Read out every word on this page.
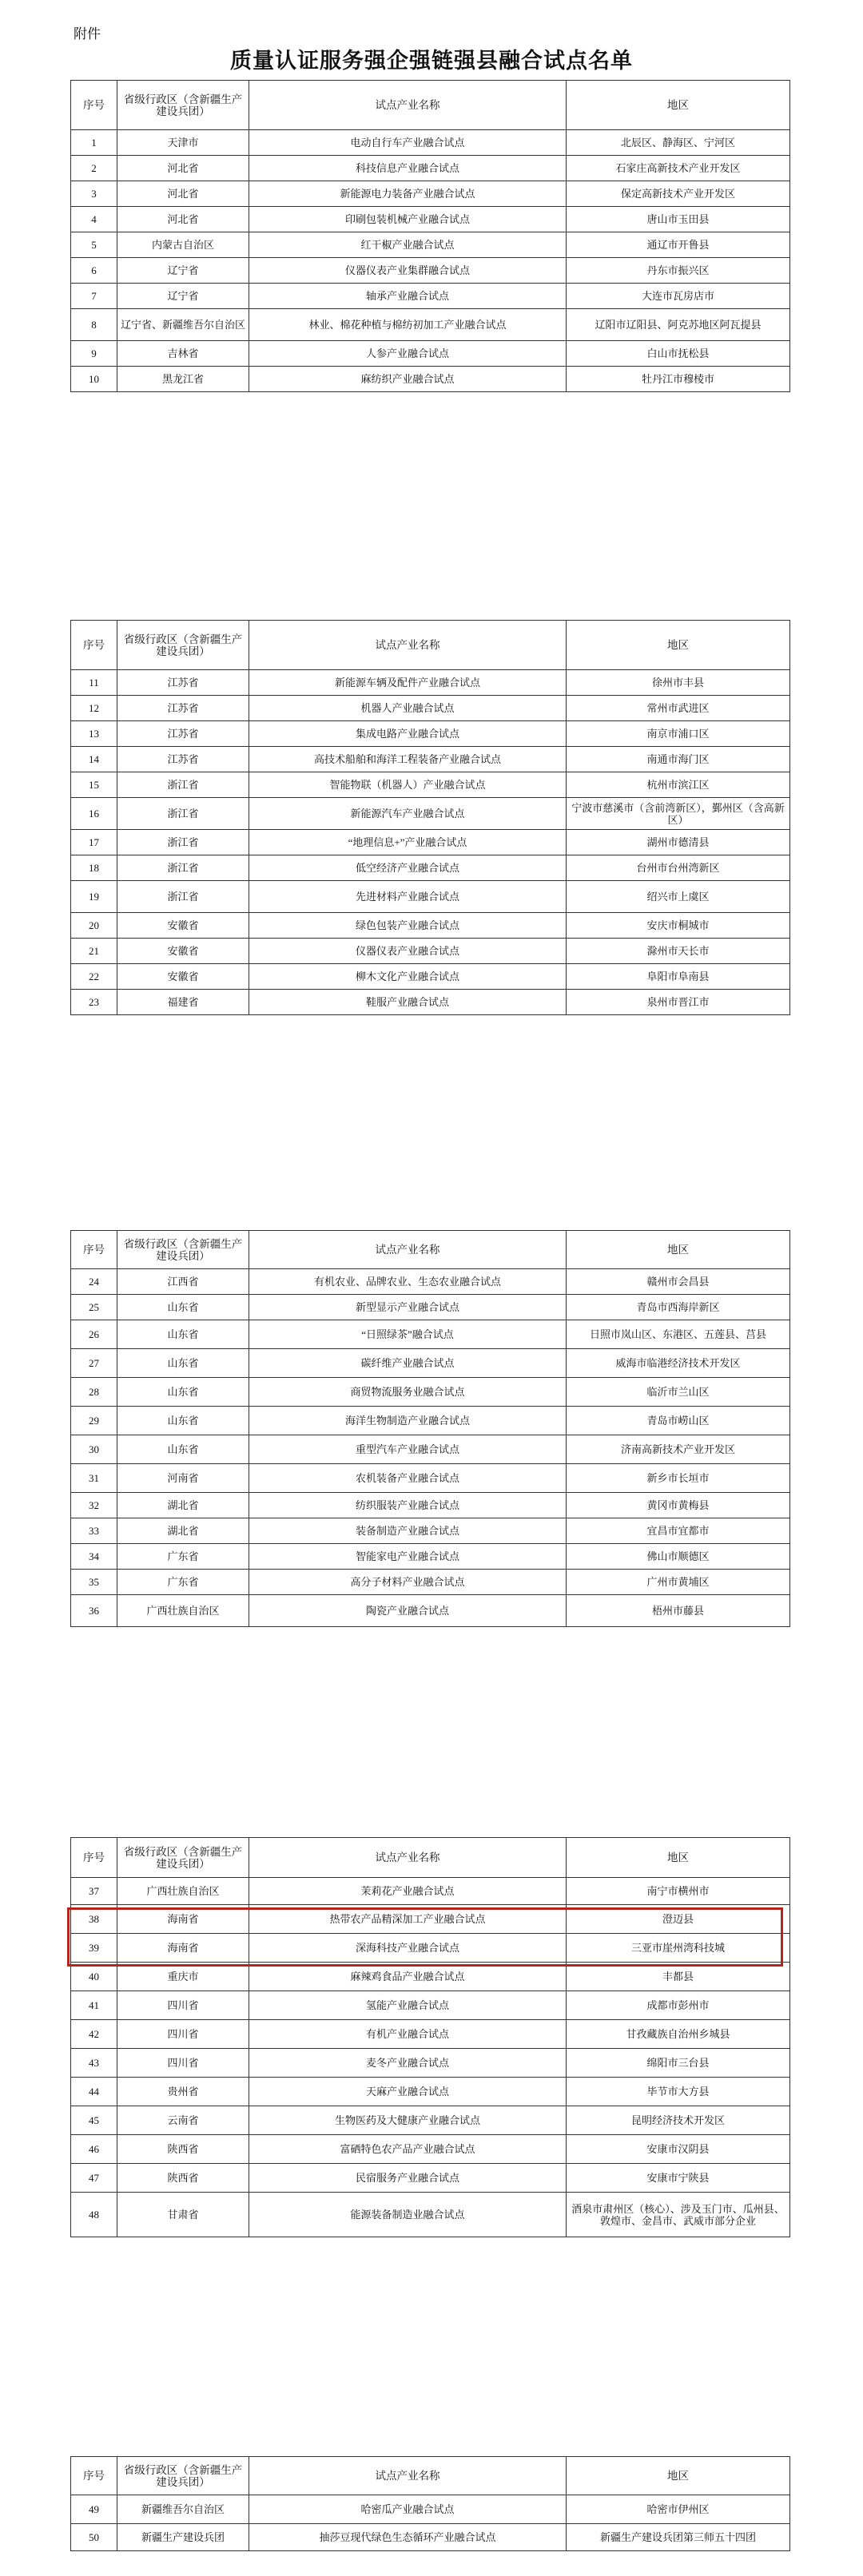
附件
质量认证服务强企强链强县融合试点名单
序号	省级行政区（含新疆生产建设兵团）	试点产业名称	地区
1	天津市	电动自行车产业融合试点	北辰区、静海区、宁河区
2	河北省	科技信息产业融合试点	石家庄高新技术产业开发区
3	河北省	新能源电力装备产业融合试点	保定高新技术产业开发区
4	河北省	印刷包装机械产业融合试点	唐山市玉田县
5	内蒙古自治区	红干椒产业融合试点	通辽市开鲁县
6	辽宁省	仪器仪表产业集群融合试点	丹东市振兴区
7	辽宁省	轴承产业融合试点	大连市瓦房店市
8	辽宁省、新疆维吾尔自治区	林业、棉花种植与棉纺初加工产业融合试点	辽阳市辽阳县、阿克苏地区阿瓦提县
9	吉林省	人参产业融合试点	白山市抚松县
10	黑龙江省	麻纺织产业融合试点	牡丹江市穆棱市
序号	省级行政区（含新疆生产建设兵团）	试点产业名称	地区
11	江苏省	新能源车辆及配件产业融合试点	徐州市丰县
12	江苏省	机器人产业融合试点	常州市武进区
13	江苏省	集成电路产业融合试点	南京市浦口区
14	江苏省	高技术船舶和海洋工程装备产业融合试点	南通市海门区
15	浙江省	智能物联（机器人）产业融合试点	杭州市滨江区
16	浙江省	新能源汽车产业融合试点	宁波市慈溪市（含前湾新区），鄞州区（含高新区）
17	浙江省	“地理信息+”产业融合试点	湖州市德清县
18	浙江省	低空经济产业融合试点	台州市台州湾新区
19	浙江省	先进材料产业融合试点	绍兴市上虞区
20	安徽省	绿色包装产业融合试点	安庆市桐城市
21	安徽省	仪器仪表产业融合试点	滁州市天长市
22	安徽省	柳木文化产业融合试点	阜阳市阜南县
23	福建省	鞋服产业融合试点	泉州市晋江市
序号	省级行政区（含新疆生产建设兵团）	试点产业名称	地区
24	江西省	有机农业、品牌农业、生态农业融合试点	赣州市会昌县
25	山东省	新型显示产业融合试点	青岛市西海岸新区
26	山东省	“日照绿茶”融合试点	日照市岚山区、东港区、五莲县、莒县
27	山东省	碳纤维产业融合试点	威海市临港经济技术开发区
28	山东省	商贸物流服务业融合试点	临沂市兰山区
29	山东省	海洋生物制造产业融合试点	青岛市崂山区
30	山东省	重型汽车产业融合试点	济南高新技术产业开发区
31	河南省	农机装备产业融合试点	新乡市长垣市
32	湖北省	纺织服装产业融合试点	黄冈市黄梅县
33	湖北省	装备制造产业融合试点	宜昌市宜都市
34	广东省	智能家电产业融合试点	佛山市顺德区
35	广东省	高分子材料产业融合试点	广州市黄埔区
36	广西壮族自治区	陶瓷产业融合试点	梧州市藤县
序号	省级行政区（含新疆生产建设兵团）	试点产业名称	地区
37	广西壮族自治区	茉莉花产业融合试点	南宁市横州市
38	海南省	热带农产品精深加工产业融合试点	澄迈县
39	海南省	深海科技产业融合试点	三亚市崖州湾科技城
40	重庆市	麻辣鸡食品产业融合试点	丰都县
41	四川省	氢能产业融合试点	成都市彭州市
42	四川省	有机产业融合试点	甘孜藏族自治州乡城县
43	四川省	麦冬产业融合试点	绵阳市三台县
44	贵州省	天麻产业融合试点	毕节市大方县
45	云南省	生物医药及大健康产业融合试点	昆明经济技术开发区
46	陕西省	富硒特色农产品产业融合试点	安康市汉阴县
47	陕西省	民宿服务产业融合试点	安康市宁陕县
48	甘肃省	能源装备制造业融合试点	酒泉市肃州区（核心）、涉及玉门市、瓜州县、敦煌市、金昌市、武威市部分企业
序号	省级行政区（含新疆生产建设兵团）	试点产业名称	地区
49	新疆维吾尔自治区	哈密瓜产业融合试点	哈密市伊州区
50	新疆生产建设兵团	抽莎豆现代绿色生态循环产业融合试点	新疆生产建设兵团第三师五十四团
